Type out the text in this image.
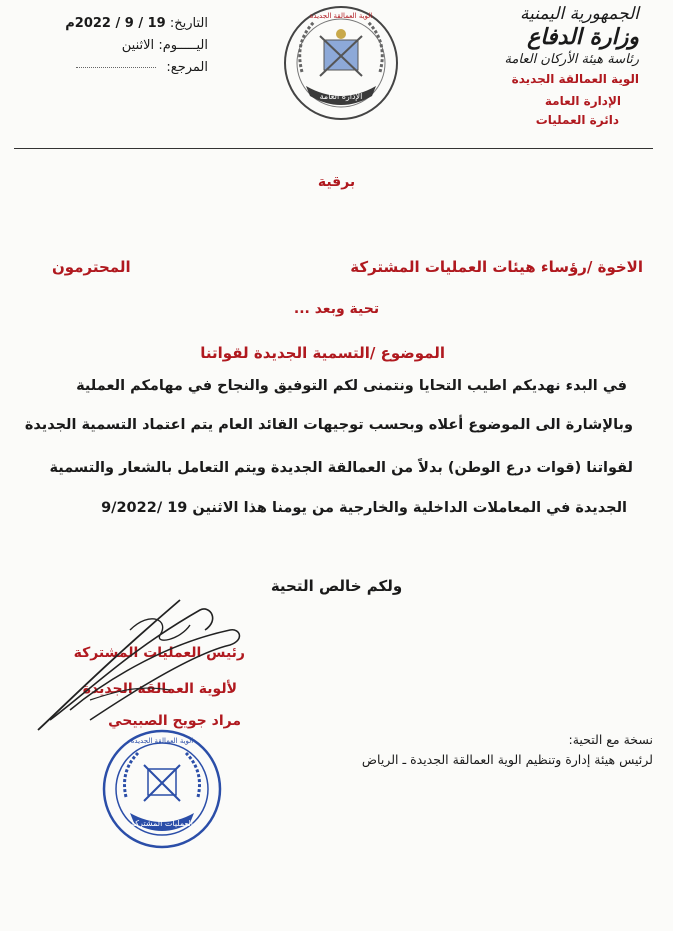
الجمهورية اليمنية
وزارة الدفاع
رئاسة هيئة الأركان العامة
الوية العمالقة الجديدة
الإدارة العامة
دائرة العمليات
الإدارة العامة
الوية العمالقة الجديدة
التاريخ: 19 / 9 / 2022م
اليـــــوم: الاثنين
المرجع:
برقية
الاخوة /رؤساء هيئات العمليات المشتركة
المحترمون
تحية وبعد ...
الموضوع /التسمية الجديدة لقواتنا
في البدء نهديكم اطيب التحايا ونتمنى لكم التوفيق والنجاح في مهامكم العملية
وبالإشارة الى الموضوع أعلاه وبحسب توجيهات القائد العام يتم اعتماد التسمية الجديدة
لقواتنا (قوات درع الوطن) بدلاً من العمالقة الجديدة ويتم التعامل بالشعار والتسمية
الجديدة في المعاملات الداخلية والخارجية من يومنا هذا الاثنين 19 /9/2022
ولكم خالص التحية
رئيس العمليات المشتركة
لألوية العمالقة الجديدة
مراد جويح الصبيحي
العمليات المشتركة
الوية العمالقة الجديدة	نسخة مع التحية:
لرئيس هيئة إدارة وتنظيم الوية العمالقة الجديدة ـ الرياض
